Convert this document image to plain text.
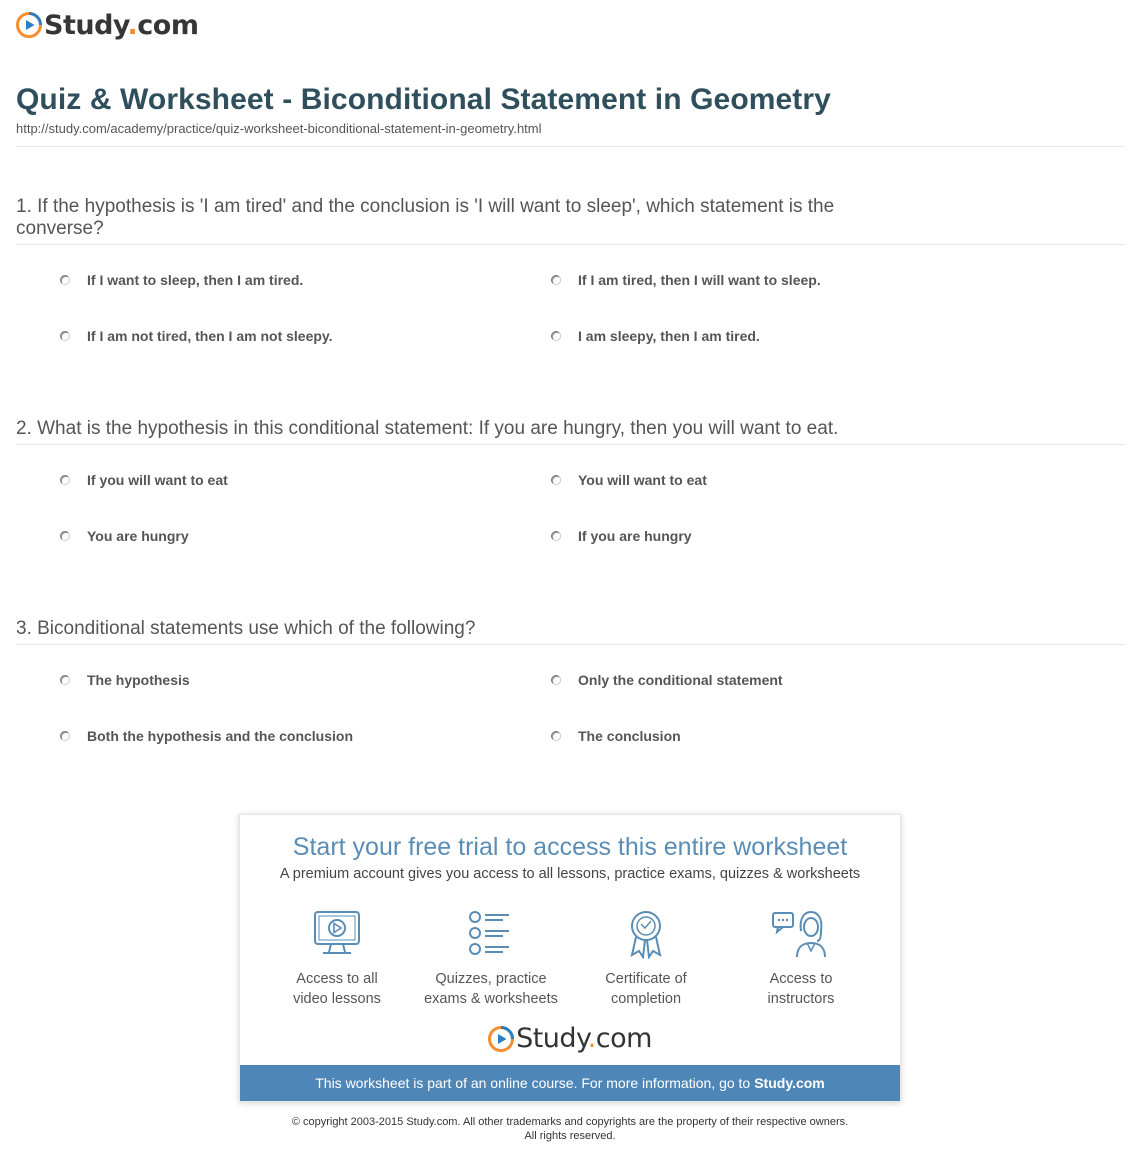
Study.com
Quiz & Worksheet - Biconditional Statement in Geometry
http://study.com/academy/practice/quiz-worksheet-biconditional-statement-in-geometry.html
1. If the hypothesis is 'I am tired' and the conclusion is 'I will want to sleep', which statement is the converse?
If I want to sleep, then I am tired.	If I am tired, then I will want to sleep.
If I am not tired, then I am not sleepy.	I am sleepy, then I am tired.
2. What is the hypothesis in this conditional statement: If you are hungry, then you will want to eat.
If you will want to eat	You will want to eat
You are hungry	If you are hungry
3. Biconditional statements use which of the following?
The hypothesis	Only the conditional statement
Both the hypothesis and the conclusion	The conclusion
Start your free trial to access this entire worksheet
A premium account gives you access to all lessons, practice exams, quizzes & worksheets
Access to all
video lessons
Quizzes, practice
exams & worksheets
Certificate of
completion
Access to
instructors
Study.com
This worksheet is part of an online course. For more information, go to Study.com
© copyright 2003-2015 Study.com. All other trademarks and copyrights are the property of their respective owners.
All rights reserved.
